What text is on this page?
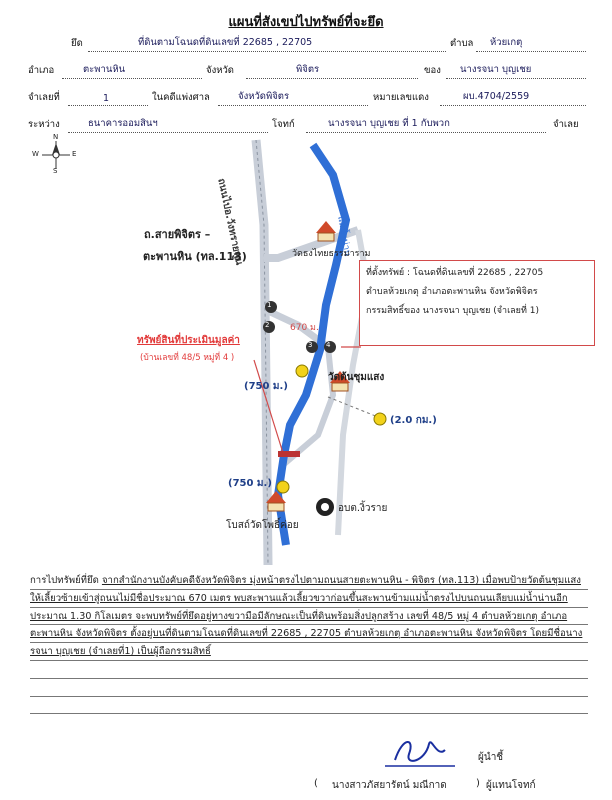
แผนที่สังเขปไปทรัพย์ที่จะยึด
ยึด	ที่ดินตามโฉนดที่ดินเลขที่ 22685 , 22705	ตำบล ห้วยเกตุ
อำเภอ	ตะพานหิน	จังหวัด	พิจิตร	ของ นางรจนา บุญเชย
จำเลยที่	1	ในคดีแพ่งศาล	จังหวัดพิจิตร	หมายเลขแดง	ผบ.4704/2559
ระหว่าง	ธนาคารออมสินฯ	โจทก์	นางรจนา บุญเชย ที่ 1 กับพวก	จำเลย
N
S
W	E
ถนนไปอ.วังทรายพูน	แม่น้ำน่าน
ถ.สายพิจิตร –
ตะพานหิน (ทล.113)	วัดธงไทยธรรมาราม
วัดต้นชุมแสง
โบสถ์วัดโพธิ์ค่อย
อบต.งิ้วราย
ทรัพย์สินที่ประเมินมูลค่า
(บ้านเลขที่ 48/5 หมู่ที่ 4 )
670 ม.
(750 ม.)
(750 ม.)
(2.0 กม.)
1
2
3 4
ที่ตั้งทรัพย์ : โฉนดที่ดินเลขที่ 22685 , 22705
ตำบลห้วยเกตุ อำเภอตะพานหิน จังหวัดพิจิตร
กรรมสิทธิ์ของ นางรจนา บุญเชย (จำเลยที่ 1)
การไปทรัพย์ที่ยึด จากสำนักงานบังคับคดีจังหวัดพิจิตร มุ่งหน้าตรงไปตามถนนสายตะพานหิน - พิจิตร (ทล.113) เมื่อพบป้ายวัดต้นชุมแสงให้เลี้ยวซ้ายเข้าสู่ถนนไม่มีชื่อประมาณ 670 เมตร พบสะพานแล้วเลี้ยวขวาก่อนขึ้นสะพานข้ามแม่น้ำตรงไปบนถนนเลียบแม่น้ำน่านอีกประมาณ 1.30 กิโลเมตร จะพบทรัพย์ที่ยึดอยู่ทางขวามือมีลักษณะเป็นที่ดินพร้อมสิ่งปลูกสร้าง เลขที่ 48/5 หมู่ 4 ตำบลห้วยเกตุ อำเภอตะพานหิน จังหวัดพิจิตร ตั้งอยู่บนที่ดินตามโฉนดที่ดินเลขที่ 22685 , 22705 ตำบลห้วยเกตุ อำเภอตะพานหิน จังหวัดพิจิตร โดยมีชื่อนางรจนา บุญเชย (จำเลยที่1) เป็นผู้ถือกรรมสิทธิ์
ผู้นำชี้
( นางสาวภัสยารัตน์ มณีกาด	) ผู้แทนโจทก์
